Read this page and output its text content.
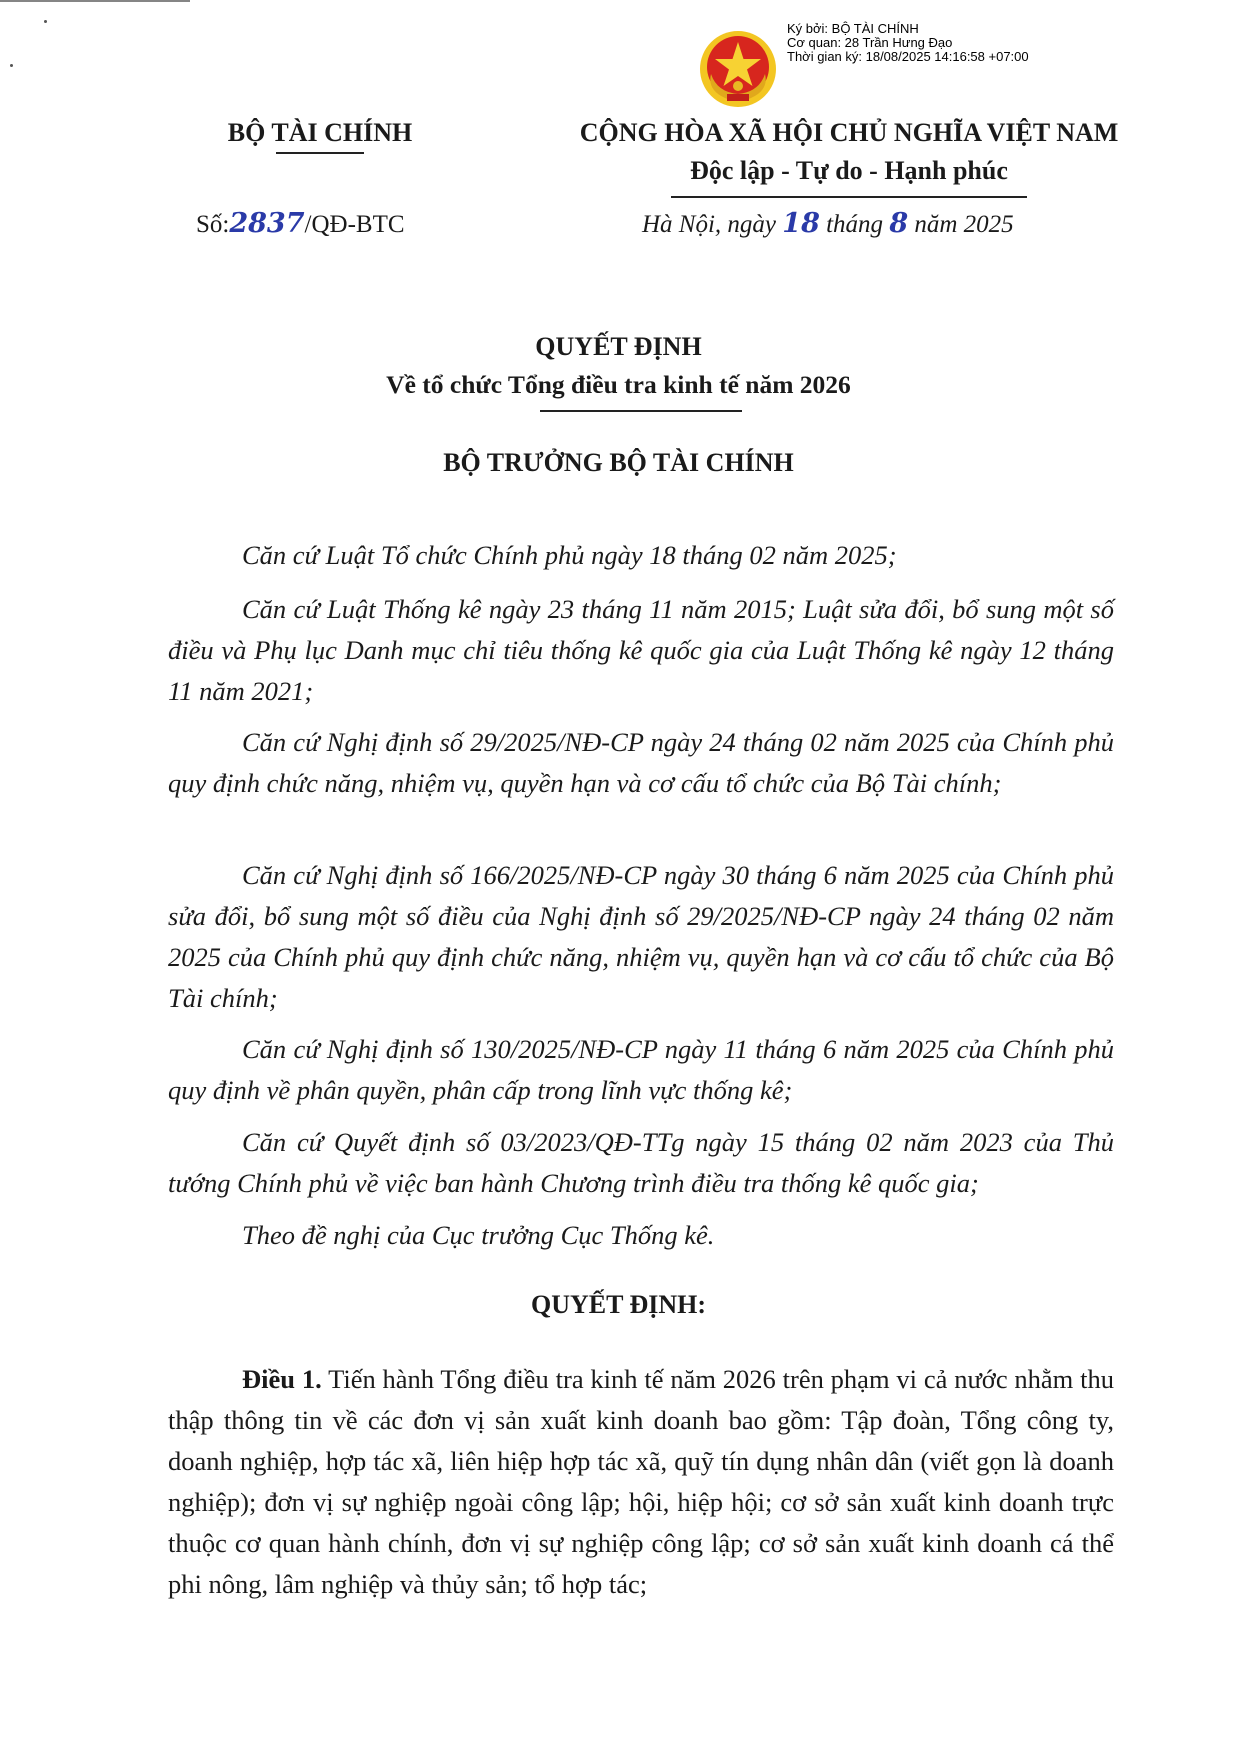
Ký bởi: BỘ TÀI CHÍNH
Cơ quan: 28 Trần Hưng Đạo
Thời gian ký: 18/08/2025 14:16:58 +07:00
BỘ TÀI CHÍNH	CỘNG HÒA XÃ HỘI CHỦ NGHĨA VIỆT NAM
Độc lập - Tự do - Hạnh phúc
Số:2837/QĐ-BTC	Hà Nội, ngày 18 tháng 8 năm 2025
QUYẾT ĐỊNH
Về tổ chức Tổng điều tra kinh tế năm 2026
BỘ TRƯỞNG BỘ TÀI CHÍNH

Căn cứ Luật Tổ chức Chính phủ ngày 18 tháng 02 năm 2025;

Căn cứ Luật Thống kê ngày 23 tháng 11 năm 2015; Luật sửa đổi, bổ sung một số điều và Phụ lục Danh mục chỉ tiêu thống kê quốc gia của Luật Thống kê ngày 12 tháng 11 năm 2021;

Căn cứ Nghị định số 29/2025/NĐ-CP ngày 24 tháng 02 năm 2025 của Chính phủ quy định chức năng, nhiệm vụ, quyền hạn và cơ cấu tổ chức của Bộ Tài chính;

Căn cứ Nghị định số 166/2025/NĐ-CP ngày 30 tháng 6 năm 2025 của Chính phủ sửa đổi, bổ sung một số điều của Nghị định số 29/2025/NĐ-CP ngày 24 tháng 02 năm 2025 của Chính phủ quy định chức năng, nhiệm vụ, quyền hạn và cơ cấu tổ chức của Bộ Tài chính;

Căn cứ Nghị định số 130/2025/NĐ-CP ngày 11 tháng 6 năm 2025 của Chính phủ quy định về phân quyền, phân cấp trong lĩnh vực thống kê;

Căn cứ Quyết định số 03/2023/QĐ-TTg ngày 15 tháng 02 năm 2023 của Thủ tướng Chính phủ về việc ban hành Chương trình điều tra thống kê quốc gia;

Theo đề nghị của Cục trưởng Cục Thống kê.

QUYẾT ĐỊNH:

Điều 1. Tiến hành Tổng điều tra kinh tế năm 2026 trên phạm vi cả nước nhằm thu thập thông tin về các đơn vị sản xuất kinh doanh bao gồm: Tập đoàn, Tổng công ty, doanh nghiệp, hợp tác xã, liên hiệp hợp tác xã, quỹ tín dụng nhân dân (viết gọn là doanh nghiệp); đơn vị sự nghiệp ngoài công lập; hội, hiệp hội; cơ sở sản xuất kinh doanh trực thuộc cơ quan hành chính, đơn vị sự nghiệp công lập; cơ sở sản xuất kinh doanh cá thể phi nông, lâm nghiệp và thủy sản; tổ hợp tác;
